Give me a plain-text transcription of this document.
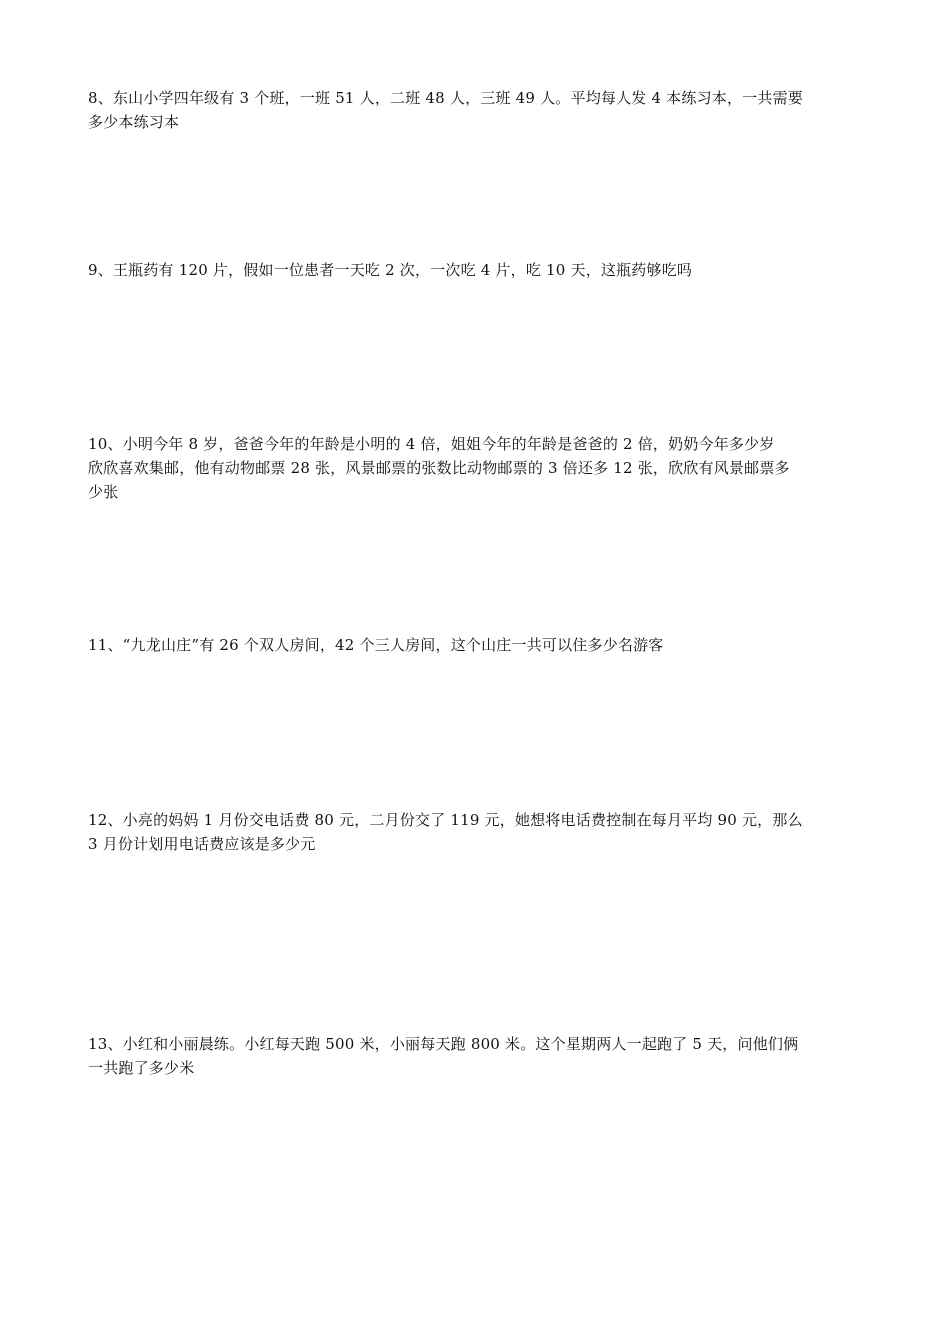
8、东山小学四年级有 3 个班，一班 51 人，二班 48 人，三班 49 人。平均每人发 4 本练习本，一共需要

多少本练习本

9、王瓶药有 120 片，假如一位患者一天吃 2 次，一次吃 4 片，吃 10 天，这瓶药够吃吗

10、小明今年 8 岁，爸爸今年的年龄是小明的 4 倍，姐姐今年的年龄是爸爸的 2 倍，奶奶今年多少岁

欣欣喜欢集邮，他有动物邮票 28 张，风景邮票的张数比动物邮票的 3 倍还多 12 张，欣欣有风景邮票多

少张

11、“九龙山庄”有 26 个双人房间，42 个三人房间，这个山庄一共可以住多少名游客

12、小亮的妈妈 1 月份交电话费 80 元，二月份交了 119 元，她想将电话费控制在每月平均 90 元，那么

3 月份计划用电话费应该是多少元

13、小红和小丽晨练。小红每天跑 500 米，小丽每天跑 800 米。这个星期两人一起跑了 5 天，问他们俩

一共跑了多少米
